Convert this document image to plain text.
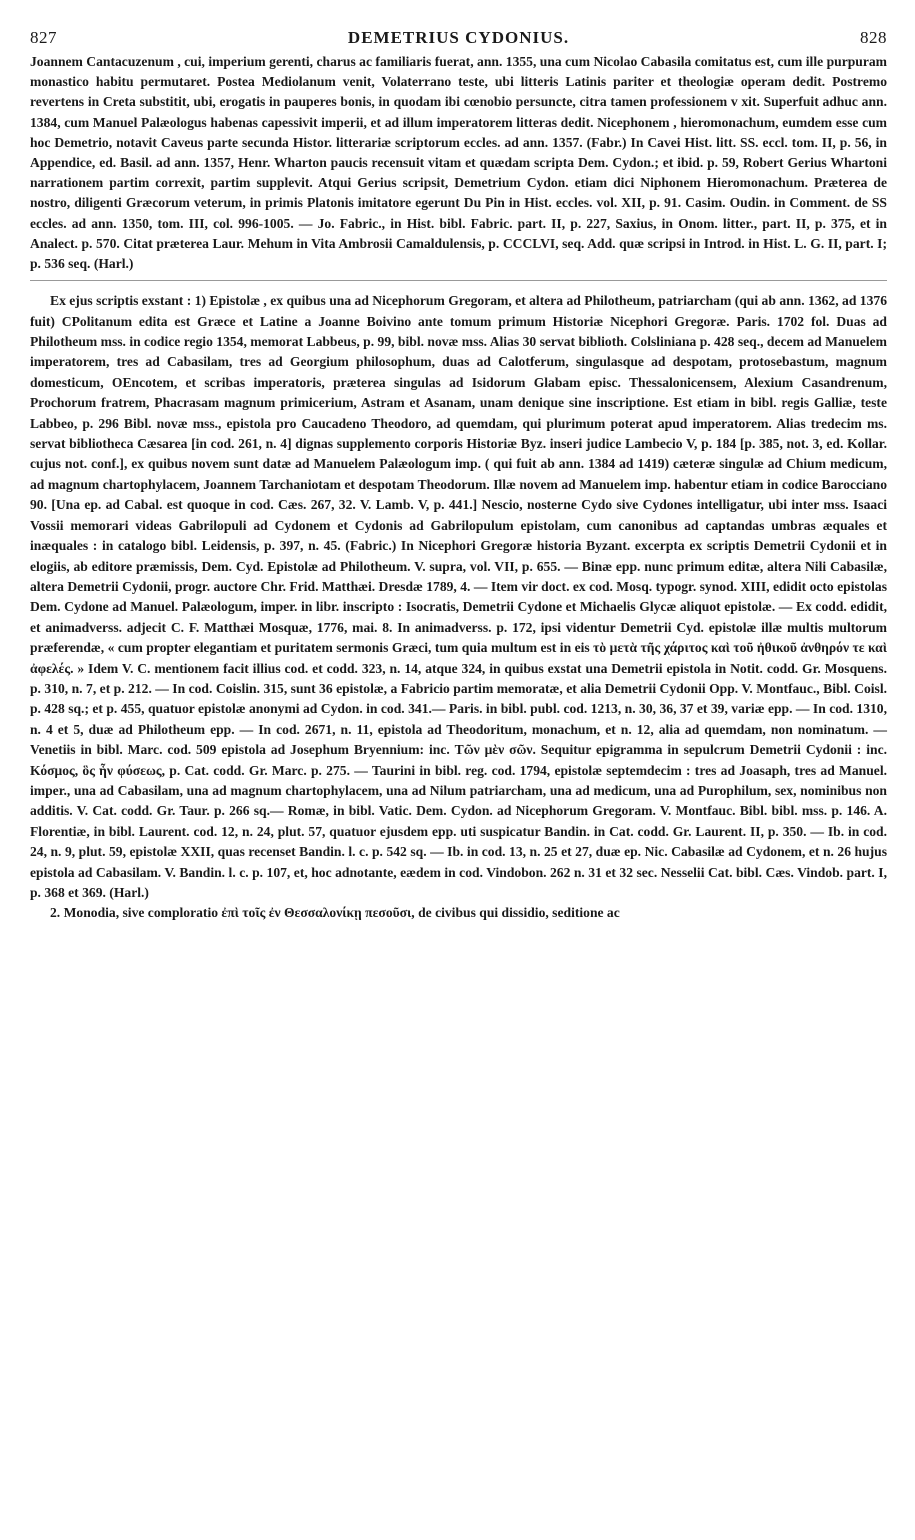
827	DEMETRIUS CYDONIUS.	828

Joannem Cantacuzenum , cui, imperium gerenti, charus ac familiaris fuerat, ann. 1355, una cum Nicolao Cabasila comitatus est, cum ille purpuram monastico habitu permutaret. Postea Mediolanum venit, Volaterrano teste, ubi litteris Latinis pariter et theologiæ operam dedit. Postremo revertens in Creta substitit, ubi, erogatis in pauperes bonis, in quodam ibi cœnobio persuncte, citra tamen professionem v xit. Superfuit adhuc ann. 1384, cum Manuel Palæologus habenas capessivit imperii, et ad illum imperatorem litteras dedit. Nicephonem , hieromonachum, eumdem esse cum hoc Demetrio, notavit Caveus parte secunda Histor. litterariæ scriptorum eccles. ad ann. 1357. (Fabr.) In Cavei Hist. litt. SS. eccl. tom. II, p. 56, in Appendice, ed. Basil. ad ann. 1357, Henr. Wharton paucis recensuit vitam et quædam scripta Dem. Cydon.; et ibid. p. 59, Robert Gerius Whartoni narrationem partim correxit, partim supplevit. Atqui Gerius scripsit, Demetrium Cydon. etiam dici Niphonem Hieromonachum. Præterea de nostro, diligenti Græcorum veterum, in primis Platonis imitatore egerunt Du Pin in Hist. eccles. vol. XII, p. 91. Casim. Oudin. in Comment. de SS eccles. ad ann. 1350, tom. III, col. 996-1005. — Jo. Fabric., in Hist. bibl. Fabric. part. II, p. 227, Saxius, in Onom. litter., part. II, p. 375, et in Analect. p. 570. Citat præterea Laur. Mehum in Vita Ambrosii Camaldulensis, p. CCCLVI, seq. Add. quæ scripsi in Introd. in Hist. L. G. II, part. I; p. 536 seq. (Harl.)

Ex ejus scriptis exstant : 1) Epistolæ , ex quibus una ad Nicephorum Gregoram, et altera ad Philotheum, patriarcham (qui ab ann. 1362, ad 1376 fuit) CPolitanum edita est Græce et Latine a Joanne Boivino ante tomum primum Historiæ Nicephori Gregoræ. Paris. 1702 fol. Duas ad Philotheum mss. in codice regio 1354, memorat Labbeus, p. 99, bibl. novæ mss. Alias 30 servat biblioth. Colsliniana p. 428 seq., decem ad Manuelem imperatorem, tres ad Cabasilam, tres ad Georgium philosophum, duas ad Calotferum, singulasque ad despotam, protosebastum, magnum domesticum, OEncotem, et scribas imperatoris, præterea singulas ad Isidorum Glabam episc. Thessalonicensem, Alexium Casandrenum, Prochorum fratrem, Phacrasam magnum primicerium, Astram et Asanam, unam denique sine inscriptione. Est etiam in bibl. regis Galliæ, teste Labbeo, p. 296 Bibl. novæ mss., epistola pro Caucadeno Theodoro, ad quemdam, qui plurimum poterat apud imperatorem. Alias tredecim ms. servat bibliotheca Cæsarea [in cod. 261, n. 4] dignas supplemento corporis Historiæ Byz. inseri judice Lambecio V, p. 184 [p. 385, not. 3, ed. Kollar. cujus not. conf.], ex quibus novem sunt datæ ad Manuelem Palæologum imp. ( qui fuit ab ann. 1384 ad 1419) cæteræ singulæ ad Chium medicum, ad magnum chartophylacem, Joannem Tarchaniotam et despotam Theodorum. Illæ novem ad Manuelem imp. habentur etiam in codice Barocciano 90. [Una ep. ad Cabal. est quoque in cod. Cæs. 267, 32. V. Lamb. V, p. 441.] Nescio, nosterne Cydo sive Cydones intelligatur, ubi inter mss. Isaaci Vossii memorari videas Gabrilopuli ad Cydonem et Cydonis ad Gabrilopulum epistolam, cum canonibus ad captandas umbras æquales et inæquales : in catalogo bibl. Leidensis, p. 397, n. 45. (Fabric.) In Nicephori Gregoræ historia Byzant. excerpta ex scriptis Demetrii Cydonii et in elogiis, ab editore præmissis, Dem. Cyd. Epistolæ ad Philotheum. V. supra, vol. VII, p. 655. — Binæ epp. nunc primum editæ, altera Nili Cabasilæ, altera Demetrii Cydonii, progr. auctore Chr. Frid. Matthæi. Dresdæ 1789, 4. — Item vir doct. ex cod. Mosq. typogr. synod. XIII, edidit octo epistolas Dem. Cydone ad Manuel. Palæologum, imper. in libr. inscripto : Isocratis, Demetrii Cydone et Michaelis Glycæ aliquot epistolæ. — Ex codd. edidit, et animadverss. adjecit C. F. Matthæi Mosquæ, 1776, mai. 8. In animadverss. p. 172, ipsi videntur Demetrii Cyd. epistolæ illæ multis multorum præferendæ, « cum propter elegantiam et puritatem sermonis Græci, tum quia multum est in eis τὸ μετὰ τῆς χάριτος καὶ τοῦ ἠθικοῦ ἀνθηρόν τε καὶ ἀφελές. » Idem V. C. mentionem facit illius cod. et codd. 323, n. 14, atque 324, in quibus exstat una Demetrii epistola in Notit. codd. Gr. Mosquens. p. 310, n. 7, et p. 212. — In cod. Coislin. 315, sunt 36 epistolæ, a Fabricio partim memoratæ, et alia Demetrii Cydonii Opp. V. Montfauc., Bibl. Coisl. p. 428 sq.; et p. 455, quatuor epistolæ anonymi ad Cydon. in cod. 341.— Paris. in bibl. publ. cod. 1213, n. 30, 36, 37 et 39, variæ epp. — In cod. 1310, n. 4 et 5, duæ ad Philotheum epp. — In cod. 2671, n. 11, epistola ad Theodoritum, monachum, et n. 12, alia ad quemdam, non nominatum. — Venetiis in bibl. Marc. cod. 509 epistola ad Josephum Bryennium: inc. Τῶν μὲν σῶν. Sequitur epigramma in sepulcrum Demetrii Cydonii : inc. Κόσμος, ὃς ἦν φύσεως, p. Cat. codd. Gr. Marc. p. 275. — Taurini in bibl. reg. cod. 1794, epistolæ septemdecim : tres ad Joasaph, tres ad Manuel. imper., una ad Cabasilam, una ad magnum chartophylacem, una ad Nilum patriarcham, una ad medicum, una ad Purophilum, sex, nominibus non additis. V. Cat. codd. Gr. Taur. p. 266 sq.— Romæ, in bibl. Vatic. Dem. Cydon. ad Nicephorum Gregoram. V. Montfauc. Bibl. bibl. mss. p. 146. A. Florentiæ, in bibl. Laurent. cod. 12, n. 24, plut. 57, quatuor ejusdem epp. uti suspicatur Bandin. in Cat. codd. Gr. Laurent. II, p. 350. — Ib. in cod. 24, n. 9, plut. 59, epistolæ XXII, quas recenset Bandin. l. c. p. 542 sq. — Ib. in cod. 13, n. 25 et 27, duæ ep. Nic. Cabasilæ ad Cydonem, et n. 26 hujus epistola ad Cabasilam. V. Bandin. l. c. p. 107, et, hoc adnotante, eædem in cod. Vindobon. 262 n. 31 et 32 sec. Nesselii Cat. bibl. Cæs. Vindob. part. I, p. 368 et 369. (Harl.)

2. Monodia, sive comploratio ἐπὶ τοῖς ἐν Θεσσαλονίκῃ πεσοῦσι, de civibus qui dissidio, seditione ac
